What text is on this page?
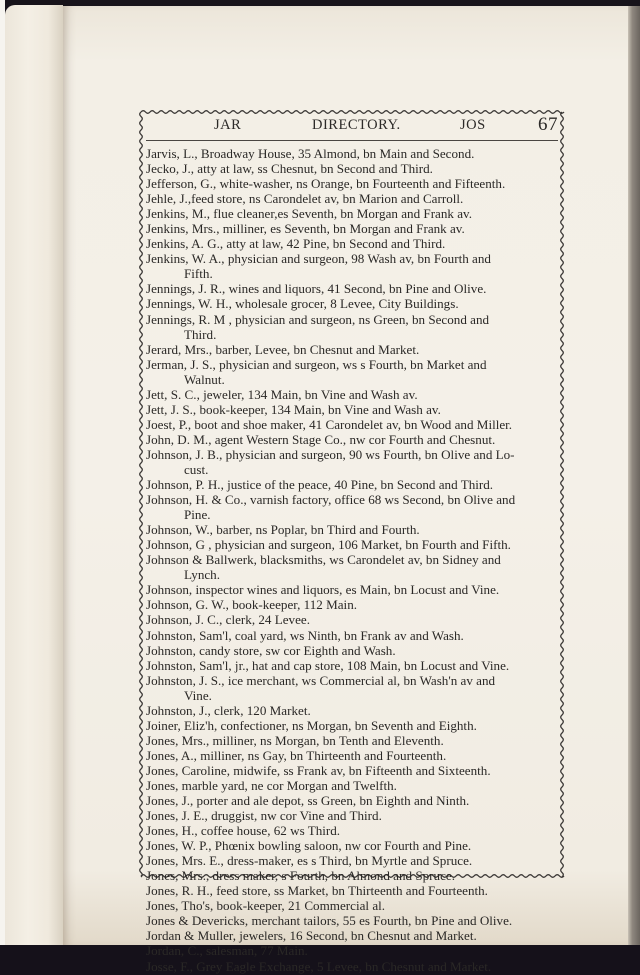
JAR	DIRECTORY.	JOS	67
Jarvis, L., Broadway House, 35 Almond, bn Main and Second.
Jecko, J., atty at law, ss Chesnut, bn Second and Third.
Jefferson, G., white-washer, ns Orange, bn Fourteenth and Fifteenth.
Jehle, J.,feed store, ns Carondelet av, bn Marion and Carroll.
Jenkins, M., flue cleaner,es Seventh, bn Morgan and Frank av.
Jenkins, Mrs., milliner, es Seventh, bn Morgan and Frank av.
Jenkins, A. G., atty at law, 42 Pine, bn Second and Third.
Jenkins, W. A., physician and surgeon, 98 Wash av, bn Fourth and
Fifth.
Jennings, J. R., wines and liquors, 41 Second, bn Pine and Olive.
Jennings, W. H., wholesale grocer, 8 Levee, City Buildings.
Jennings, R. M , physician and surgeon, ns Green, bn Second and
Third.
Jerard, Mrs., barber, Levee, bn Chesnut and Market.
Jerman, J. S., physician and surgeon, ws s Fourth, bn Market and
Walnut.
Jett, S. C., jeweler, 134 Main, bn Vine and Wash av.
Jett, J. S., book-keeper, 134 Main, bn Vine and Wash av.
Joest, P., boot and shoe maker, 41 Carondelet av, bn Wood and Miller.
John, D. M., agent Western Stage Co., nw cor Fourth and Chesnut.
Johnson, J. B., physician and surgeon, 90 ws Fourth, bn Olive and Lo-
cust.
Johnson, P. H., justice of the peace, 40 Pine, bn Second and Third.
Johnson, H. & Co., varnish factory, office 68 ws Second, bn Olive and
Pine.
Johnson, W., barber, ns Poplar, bn Third and Fourth.
Johnson, G , physician and surgeon, 106 Market, bn Fourth and Fifth.
Johnson & Ballwerk, blacksmiths, ws Carondelet av, bn Sidney and
Lynch.
Johnson, inspector wines and liquors, es Main, bn Locust and Vine.
Johnson, G. W., book-keeper, 112 Main.
Johnson, J. C., clerk, 24 Levee.
Johnston, Sam'l, coal yard, ws Ninth, bn Frank av and Wash.
Johnston, candy store, sw cor Eighth and Wash.
Johnston, Sam'l, jr., hat and cap store, 108 Main, bn Locust and Vine.
Johnston, J. S., ice merchant, ws Commercial al, bn Wash'n av and
Vine.
Johnston, J., clerk, 120 Market.
Joiner, Eliz'h, confectioner, ns Morgan, bn Seventh and Eighth.
Jones, Mrs., milliner, ns Morgan, bn Tenth and Eleventh.
Jones, A., milliner, ns Gay, bn Thirteenth and Fourteenth.
Jones, Caroline, midwife, ss Frank av, bn Fifteenth and Sixteenth.
Jones, marble yard, ne cor Morgan and Twelfth.
Jones, J., porter and ale depot, ss Green, bn Eighth and Ninth.
Jones, J. E., druggist, nw cor Vine and Third.
Jones, H., coffee house, 62 ws Third.
Jones, W. P., Phœnix bowling saloon, nw cor Fourth and Pine.
Jones, Mrs. E., dress-maker, es s Third, bn Myrtle and Spruce.
Jones, Mrs., dress maker, s Fourth, bn Almond and Spruce.
Jones, R. H., feed store, ss Market, bn Thirteenth and Fourteenth.
Jones, Tho's, book-keeper, 21 Commercial al.
Jones & Devericks, merchant tailors, 55 es Fourth, bn Pine and Olive.
Jordan & Muller, jewelers, 16 Second, bn Chesnut and Market.
Jordan, C., salesman, 77 Main.
Josse, F., Grey Eagle Exchange, 5 Levee, bn Chesnut and Market.
